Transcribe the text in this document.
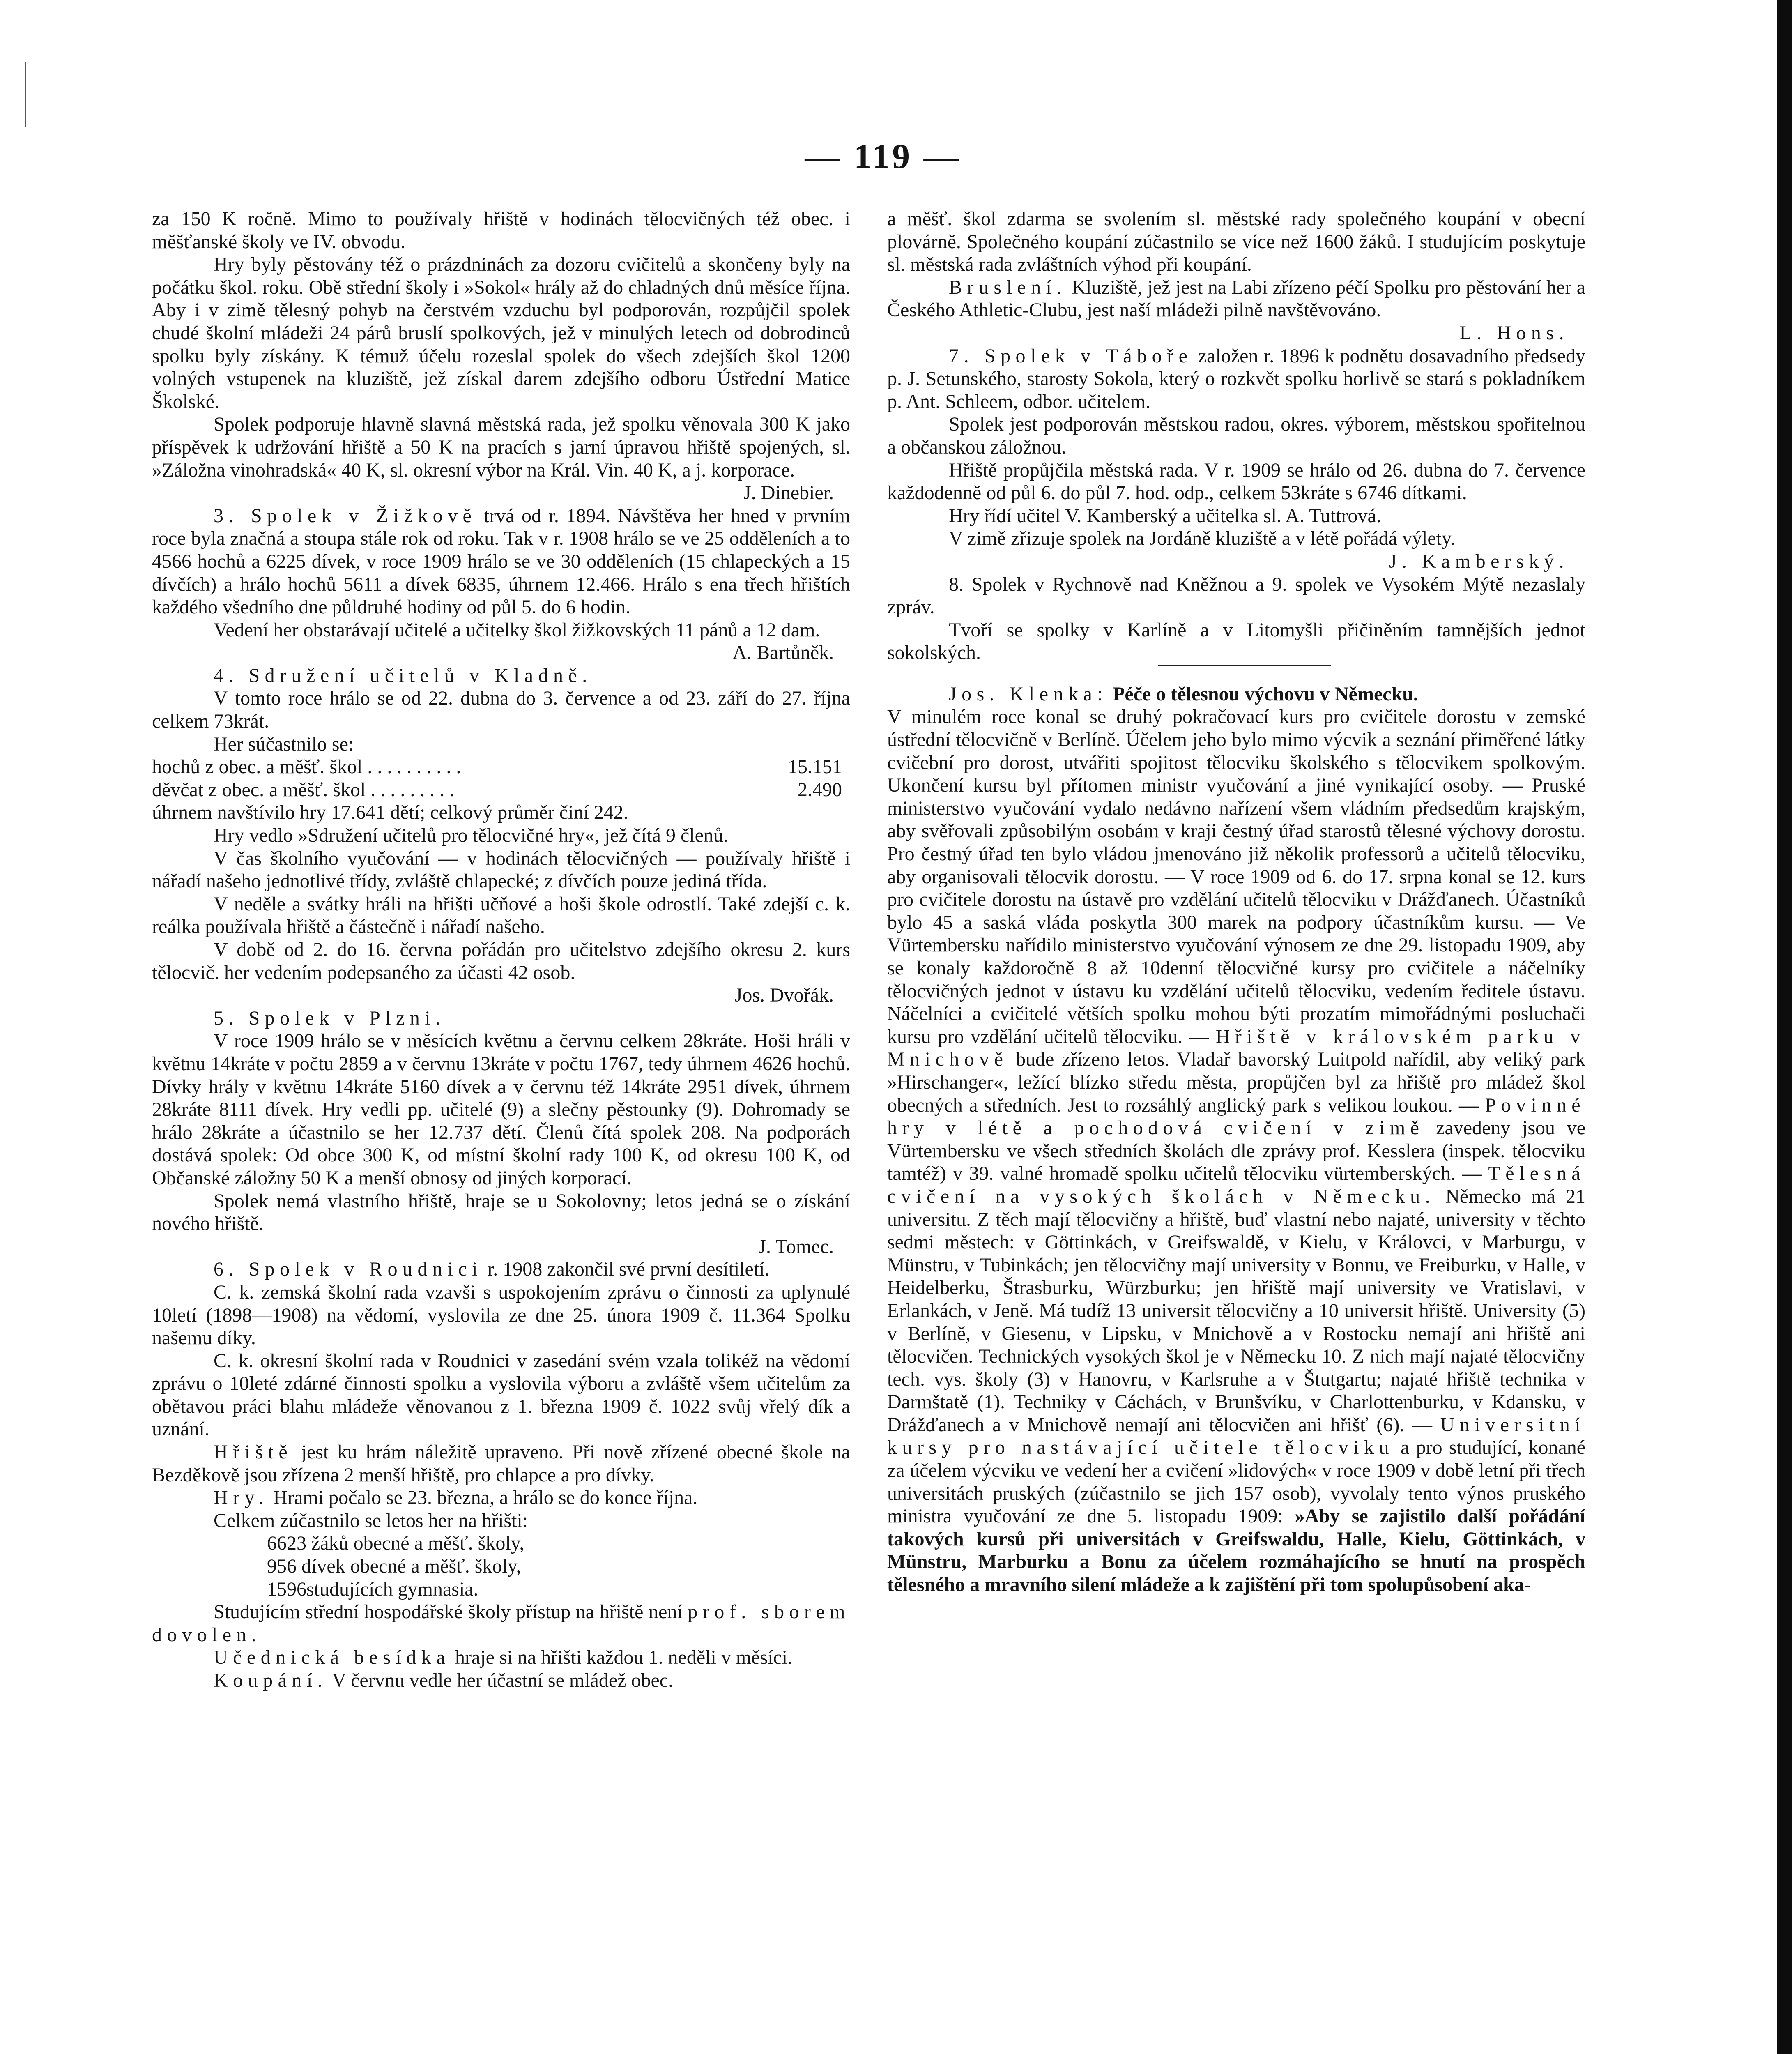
— 119 —

za 150 K ročně. Mimo to používaly hřiště v hodinách tělocvičných též obec. i měšťanské školy ve IV. obvodu.

Hry byly pěstovány též o prázdninách za dozoru cvičitelů a skončeny byly na počátku škol. roku. Obě střední školy i »Sokol« hrály až do chladných dnů měsíce října. Aby i v zimě tělesný pohyb na čerstvém vzduchu byl podporován, rozpůjčil spolek chudé školní mládeži 24 párů bruslí spolkových, jež v minulých letech od dobrodinců spolku byly získány. K témuž účelu rozeslal spolek do všech zdejších škol 1200 volných vstupenek na kluziště, jež získal darem zdejšího odboru Ústřední Matice Školské.

Spolek podporuje hlavně slavná městská rada, jež spolku věnovala 300 K jako příspěvek k udržování hřiště a 50 K na pracích s jarní úpravou hřiště spojených, sl. »Záložna vinohradská« 40 K, sl. okresní výbor na Král. Vin. 40 K, a j. korporace.

J. Dinebier.

3. Spolek v Žižkově trvá od r. 1894. Návštěva her hned v prvním roce byla značná a stoupa stále rok od roku. Tak v r. 1908 hrálo se ve 25 odděleních a to 4566 hochů a 6225 dívek, v roce 1909 hrálo se ve 30 odděleních (15 chlapeckých a 15 dívčích) a hrálo hochů 5611 a dívek 6835, úhrnem 12.466. Hrálo s ena třech hřištích každého všedního dne půldruhé hodiny od půl 5. do 6 hodin.

Vedení her obstarávají učitelé a učitelky škol žižkovských 11 pánů a 12 dam.

A. Bartůněk.

4. Sdružení učitelů v Kladně.

V tomto roce hrálo se od 22. dubna do 3. července a od 23. září do 27. října celkem 73krát.

Her súčastnilo se:

hochů z obec. a měšť. škol . . . . . . . . . .	15.151
děvčat z obec. a měšť. škol . . . . . . . . .	2.490

úhrnem navštívilo hry 17.641 dětí; celkový průměr činí 242.

Hry vedlo »Sdružení učitelů pro tělocvičné hry«, jež čítá 9 členů.

V čas školního vyučování — v hodinách tělocvičných — používaly hřiště i nářadí našeho jednotlivé třídy, zvláště chlapecké; z dívčích pouze jediná třída.

V neděle a svátky hráli na hřišti učňové a hoši škole odrostlí. Také zdejší c. k. reálka používala hřiště a částečně i nářadí našeho.

V době od 2. do 16. června pořádán pro učitelstvo zdejšího okresu 2. kurs tělocvič. her vedením podepsaného za účasti 42 osob.

Jos. Dvořák.

5. Spolek v Plzni.

V roce 1909 hrálo se v měsících květnu a červnu celkem 28kráte. Hoši hráli v květnu 14kráte v počtu 2859 a v červnu 13kráte v počtu 1767, tedy úhrnem 4626 hochů. Dívky hrály v květnu 14kráte 5160 dívek a v červnu též 14kráte 2951 dívek, úhrnem 28kráte 8111 dívek. Hry vedli pp. učitelé (9) a slečny pěstounky (9). Dohromady se hrálo 28kráte a účastnilo se her 12.737 dětí. Členů čítá spolek 208. Na podporách dostává spolek: Od obce 300 K, od místní školní rady 100 K, od okresu 100 K, od Občanské záložny 50 K a menší obnosy od jiných korporací.

Spolek nemá vlastního hřiště, hraje se u Sokolovny; letos jedná se o získání nového hřiště.

J. Tomec.

6. Spolek v Roudnici r. 1908 zakončil své první desítiletí.

C. k. zemská školní rada vzavši s uspokojením zprávu o činnosti za uplynulé 10letí (1898—1908) na vědomí, vyslovila ze dne 25. února 1909 č. 11.364 Spolku našemu díky.

C. k. okresní školní rada v Roudnici v zasedání svém vzala tolikéž na vědomí zprávu o 10leté zdárné činnosti spolku a vyslovila výboru a zvláště všem učitelům za obětavou práci blahu mládeže věnovanou z 1. března 1909 č. 1022 svůj vřelý dík a uznání.

Hřiště jest ku hrám náležitě upraveno. Při nově zřízené obecné škole na Bezděkově jsou zřízena 2 menší hřiště, pro chlapce a pro dívky.

Hry. Hrami počalo se 23. března, a hrálo se do konce října.

Celkem zúčastnilo se letos her na hřišti:

6623 žáků obecné a měšť. školy,
956 dívek obecné a měšť. školy,
1596studujících gymnasia.

Studujícím střední hospodářské školy přístup na hřiště není prof. sborem dovolen.

Učednická besídka hraje si na hřišti každou 1. neděli v měsíci.

Koupání. V červnu vedle her účastní se mládež obec.

a měšť. škol zdarma se svolením sl. městské rady společného koupání v obecní plovárně. Společného koupání zúčastnilo se více než 1600 žáků. I studujícím poskytuje sl. městská rada zvláštních výhod při koupání.

Bruslení. Kluziště, jež jest na Labi zřízeno péčí Spolku pro pěstování her a Českého Athletic-Clubu, jest naší mládeži pilně navštěvováno.

L. Hons.

7. Spolek v Táboře založen r. 1896 k podnětu dosavadního předsedy p. J. Setunského, starosty Sokola, který o rozkvět spolku horlivě se stará s pokladníkem p. Ant. Schleem, odbor. učitelem.

Spolek jest podporován městskou radou, okres. výborem, městskou spořitelnou a občanskou záložnou.

Hřiště propůjčila městská rada. V r. 1909 se hrálo od 26. dubna do 7. července každodenně od půl 6. do půl 7. hod. odp., celkem 53kráte s 6746 dítkami.

Hry řídí učitel V. Kamberský a učitelka sl. A. Tuttrová.

V zimě zřizuje spolek na Jordáně kluziště a v létě pořádá výlety.

J. Kamberský.

8. Spolek v Rychnově nad Kněžnou a 9. spolek ve Vysokém Mýtě nezaslaly zpráv.

Tvoří se spolky v Karlíně a v Litomyšli přičiněním tamnějších jednot sokolských.

Jos. Klenka: Péče o tělesnou výchovu v Německu.

V minulém roce konal se druhý pokračovací kurs pro cvičitele dorostu v zemské ústřední tělocvičně v Berlíně. Účelem jeho bylo mimo výcvik a seznání přiměřené látky cvičební pro dorost, utvářiti spojitost tělocviku školského s tělocvikem spolkovým. Ukončení kursu byl přítomen ministr vyučování a jiné vynikající osoby. — Pruské ministerstvo vyučování vydalo nedávno nařízení všem vládním předsedům krajským, aby svěřovali způsobilým osobám v kraji čestný úřad starostů tělesné výchovy dorostu. Pro čestný úřad ten bylo vládou jmenováno již několik professorů a učitelů tělocviku, aby organisovali tělocvik dorostu. — V roce 1909 od 6. do 17. srpna konal se 12. kurs pro cvičitele dorostu na ústavě pro vzdělání učitelů tělocviku v Drážďanech. Účastníků bylo 45 a saská vláda poskytla 300 marek na podpory účastníkům kursu. — Ve Vürtembersku nařídilo ministerstvo vyučování výnosem ze dne 29. listopadu 1909, aby se konaly každoročně 8 až 10denní tělocvičné kursy pro cvičitele a náčelníky tělocvičných jednot v ústavu ku vzdělání učitelů tělocviku, vedením ředitele ústavu. Náčelníci a cvičitelé větších spolku mohou býti prozatím mimořádnými posluchači kursu pro vzdělání učitelů tělocviku. — Hřiště v královském parku v Mnichově bude zřízeno letos. Vladař bavorský Luitpold nařídil, aby veliký park »Hirschanger«, ležící blízko středu města, propůjčen byl za hřiště pro mládež škol obecných a středních. Jest to rozsáhlý anglický park s velikou loukou. — Povinné hry v létě a pochodová cvičení v zimě zavedeny jsou ve Vürtembersku ve všech středních školách dle zprávy prof. Kesslera (inspek. tělocviku tamtéž) v 39. valné hromadě spolku učitelů tělocviku vürtemberských. — Tělesná cvičení na vysokých školách v Německu. Německo má 21 universitu. Z těch mají tělocvičny a hřiště, buď vlastní nebo najaté, university v těchto sedmi městech: v Göttinkách, v Greifswaldě, v Kielu, v Královci, v Marburgu, v Münstru, v Tubinkách; jen tělocvičny mají university v Bonnu, ve Freiburku, v Halle, v Heidelberku, Štrasburku, Würzburku; jen hřiště mají university ve Vratislavi, v Erlankách, v Jeně. Má tudíž 13 universit tělocvičny a 10 universit hřiště. University (5) v Berlíně, v Giesenu, v Lipsku, v Mnichově a v Rostocku nemají ani hřiště ani tělocvičen. Technických vysokých škol je v Německu 10. Z nich mají najaté tělocvičny tech. vys. školy (3) v Hanovru, v Karlsruhe a v Štutgartu; najaté hřiště technika v Darmštatě (1). Techniky v Cáchách, v Brunšvíku, v Charlottenburku, v Kdansku, v Drážďanech a v Mnichově nemají ani tělocvičen ani hřišť (6). — Universitní kursy pro nastávající učitele tělocviku a pro studující, konané za účelem výcviku ve vedení her a cvičení »lidových« v roce 1909 v době letní při třech universitách pruských (zúčastnilo se jich 157 osob), vyvolaly tento výnos pruského ministra vyučování ze dne 5. listopadu 1909: »Aby se zajistilo další pořádání takových kursů při universitách v Greifswaldu, Halle, Kielu, Göttinkách, v Münstru, Marburku a Bonu za účelem rozmáhajícího se hnutí na prospěch tělesného a mravního silení mládeže a k zajištění při tom spolupůsobení aka-
